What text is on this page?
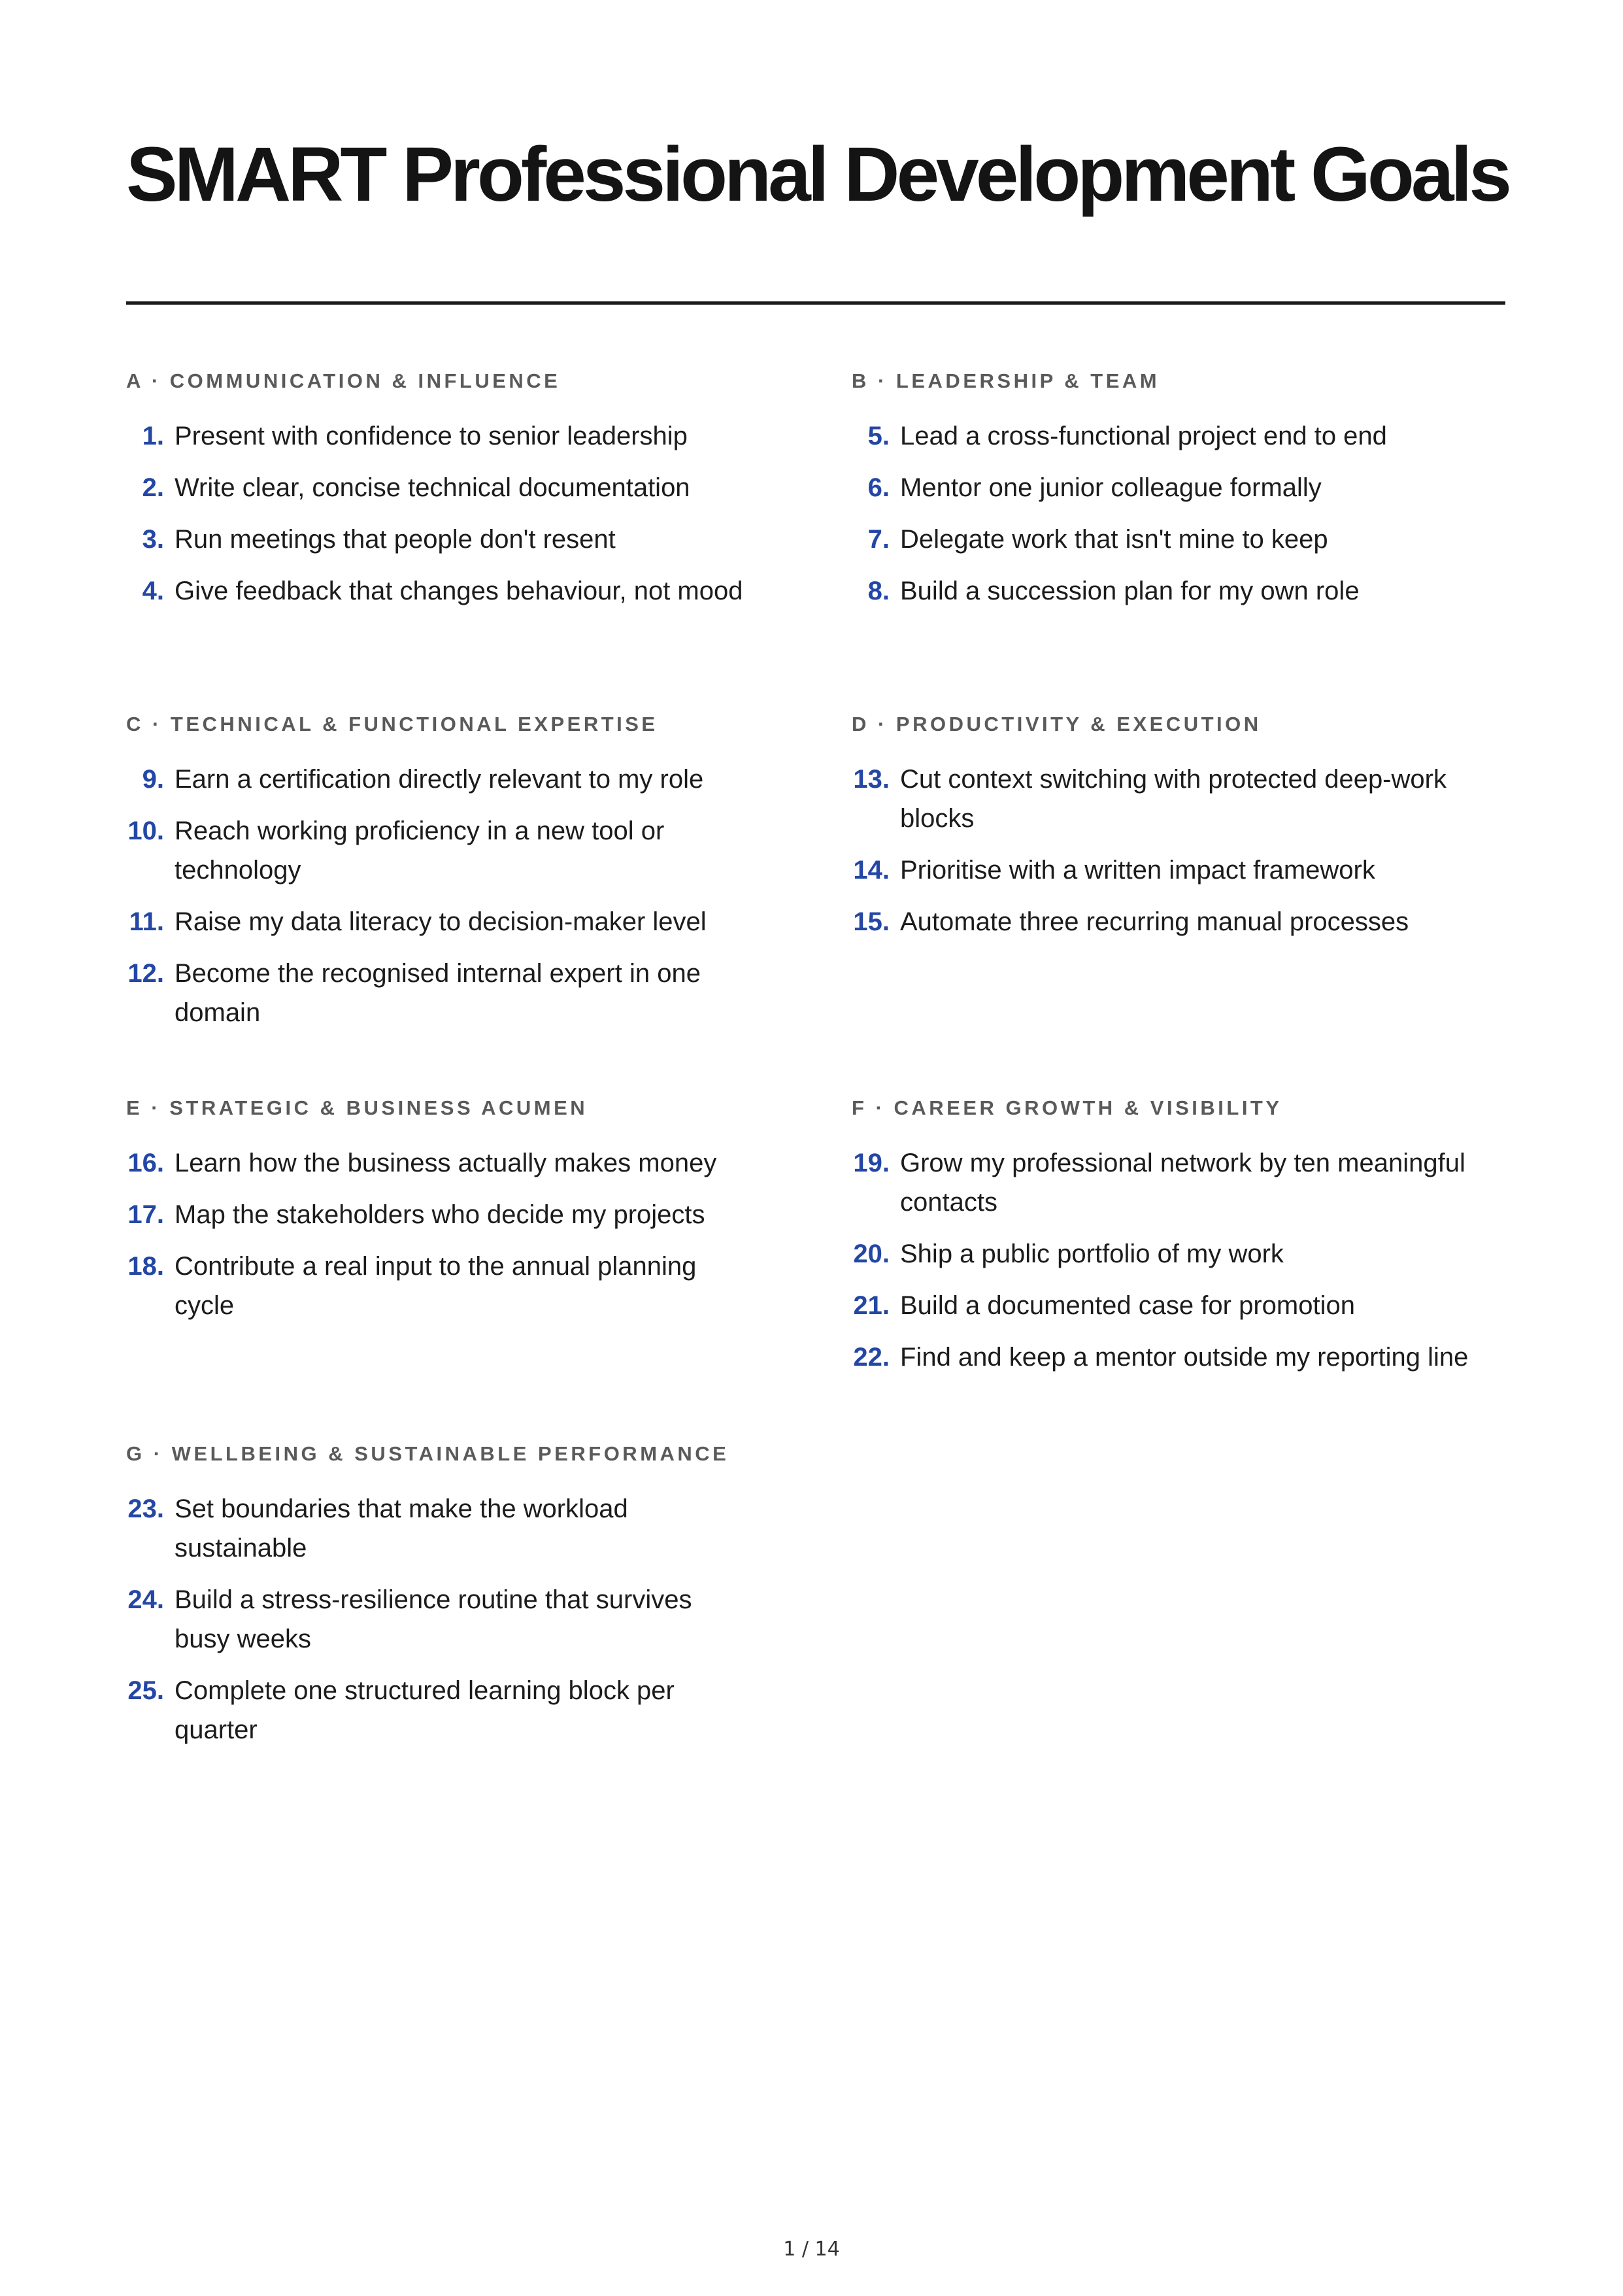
SMART Professional Development Goals
A · COMMUNICATION & INFLUENCE
1. Present with confidence to senior leadership
2. Write clear, concise technical documentation
3. Run meetings that people don't resent
4. Give feedback that changes behaviour, not mood
B · LEADERSHIP & TEAM
5. Lead a cross-functional project end to end
6. Mentor one junior colleague formally
7. Delegate work that isn't mine to keep
8. Build a succession plan for my own role
C · TECHNICAL & FUNCTIONAL EXPERTISE
9. Earn a certification directly relevant to my role
10. Reach working proficiency in a new tool or technology
11. Raise my data literacy to decision-maker level
12. Become the recognised internal expert in one domain
D · PRODUCTIVITY & EXECUTION
13. Cut context switching with protected deep-work blocks
14. Prioritise with a written impact framework
15. Automate three recurring manual processes
E · STRATEGIC & BUSINESS ACUMEN
16. Learn how the business actually makes money
17. Map the stakeholders who decide my projects
18. Contribute a real input to the annual planning cycle
F · CAREER GROWTH & VISIBILITY
19. Grow my professional network by ten meaningful contacts
20. Ship a public portfolio of my work
21. Build a documented case for promotion
22. Find and keep a mentor outside my reporting line
G · WELLBEING & SUSTAINABLE PERFORMANCE
23. Set boundaries that make the workload sustainable
24. Build a stress-resilience routine that survives busy weeks
25. Complete one structured learning block per quarter
1 / 14
